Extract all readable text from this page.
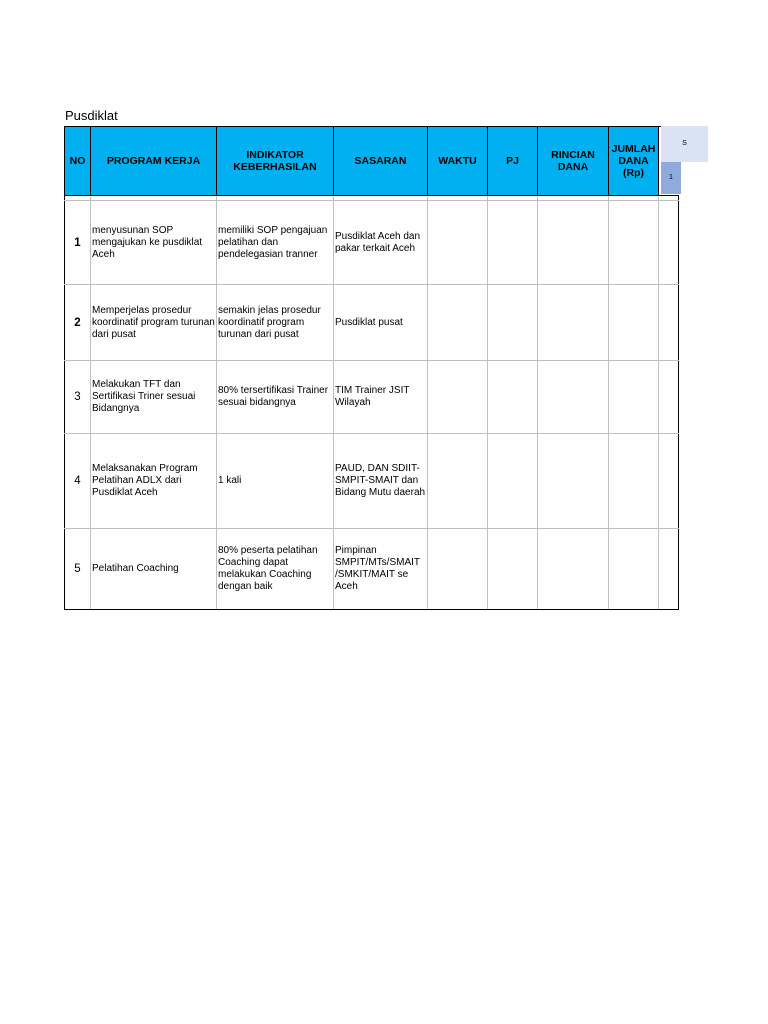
Pusdiklat
NO	PROGRAM KERJA	INDIKATOR KEBERHASILAN	SASARAN	WAKTU	PJ	RINCIAN DANA	JUMLAH DANA (Rp)	

1	menyusunan SOP mengajukan ke pusdiklat Aceh	memiliki SOP pengajuan pelatihan dan pendelegasian tranner	Pusdiklat Aceh dan pakar terkait Aceh					
2	Memperjelas prosedur koordinatif program turunan dari pusat	semakin jelas prosedur koordinatif program turunan dari pusat	Pusdiklat pusat					
3	Melakukan TFT dan Sertifikasi Triner sesuai Bidangnya	80% tersertifikasi Trainer sesuai bidangnya	TIM Trainer JSIT Wilayah					
4	Melaksanakan Program Pelatihan ADLX dari Pusdiklat Aceh	1 kali	PAUD, DAN SDIIT-SMPIT-SMAIT dan Bidang Mutu daerah					
5	Pelatihan Coaching	80% peserta pelatihan Coaching dapat melakukan Coaching dengan baik	Pimpinan SMPIT/MTs/SMAIT /SMKIT/MAIT se Aceh					
S
1
